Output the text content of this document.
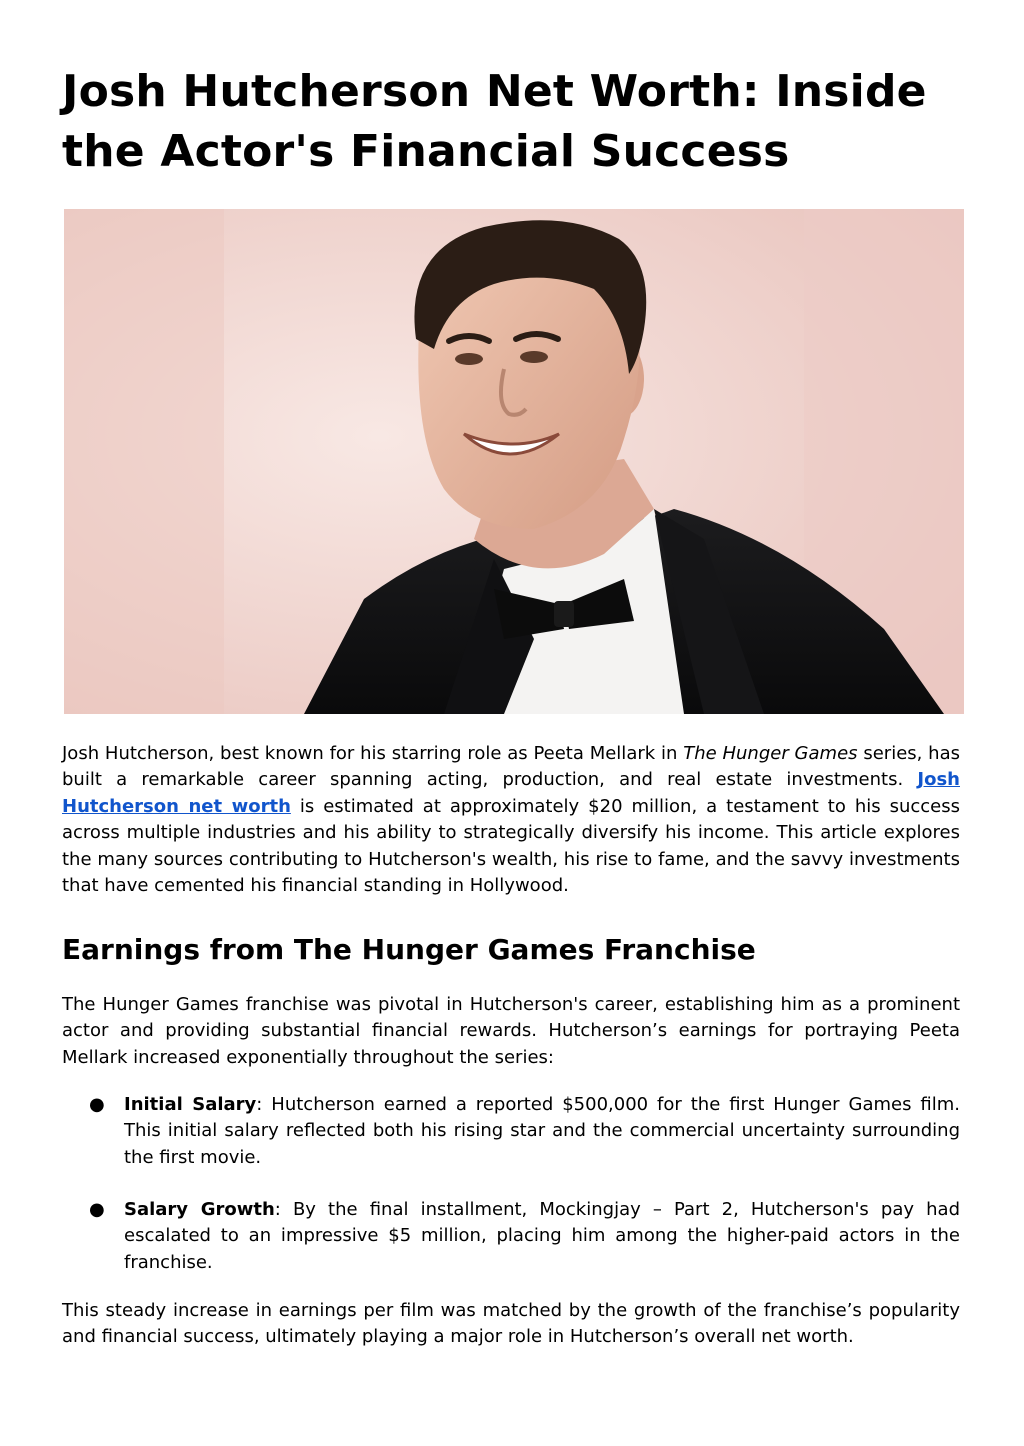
Josh Hutcherson Net Worth: Inside the Actor's Financial Success

Josh Hutcherson, best known for his starring role as Peeta Mellark in The Hunger Games series, has built a remarkable career spanning acting, production, and real estate investments. Josh Hutcherson net worth is estimated at approximately $20 million, a testament to his success across multiple industries and his ability to strategically diversify his income. This article explores the many sources contributing to Hutcherson's wealth, his rise to fame, and the savvy investments that have cemented his financial standing in Hollywood.

Earnings from The Hunger Games Franchise

The Hunger Games franchise was pivotal in Hutcherson's career, establishing him as a prominent actor and providing substantial financial rewards. Hutcherson’s earnings for portraying Peeta Mellark increased exponentially throughout the series:

● Initial Salary: Hutcherson earned a reported $500,000 for the first Hunger Games film. This initial salary reflected both his rising star and the commercial uncertainty surrounding the first movie.
● Salary Growth: By the final installment, Mockingjay – Part 2, Hutcherson's pay had escalated to an impressive $5 million, placing him among the higher-paid actors in the franchise.

This steady increase in earnings per film was matched by the growth of the franchise’s popularity and financial success, ultimately playing a major role in Hutcherson’s overall net worth.
